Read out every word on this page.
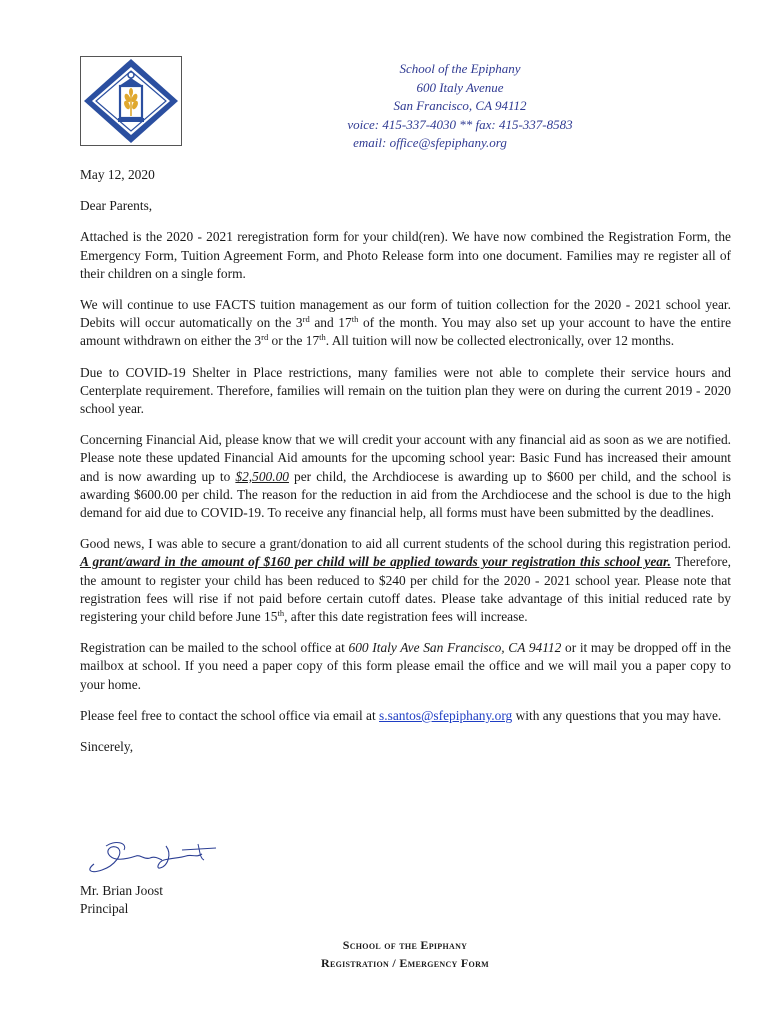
School of the Epiphany
600 Italy Avenue
San Francisco, CA 94112
voice: 415-337-4030 ** fax: 415-337-8583
email: office@sfepiphany.org

May 12, 2020

Dear Parents,

Attached is the 2020 - 2021 reregistration form for your child(ren). We have now combined the Registration Form, the Emergency Form, Tuition Agreement Form, and Photo Release form into one document. Families may re register all of their children on a single form.

We will continue to use FACTS tuition management as our form of tuition collection for the 2020 - 2021 school year. Debits will occur automatically on the 3rd and 17th of the month. You may also set up your account to have the entire amount withdrawn on either the 3rd or the 17th. All tuition will now be collected electronically, over 12 months.

Due to COVID-19 Shelter in Place restrictions, many families were not able to complete their service hours and Centerplate requirement. Therefore, families will remain on the tuition plan they were on during the current 2019 - 2020 school year.

Concerning Financial Aid, please know that we will credit your account with any financial aid as soon as we are notified. Please note these updated Financial Aid amounts for the upcoming school year: Basic Fund has increased their amount and is now awarding up to $2,500.00 per child, the Archdiocese is awarding up to $600 per child, and the school is awarding $600.00 per child. The reason for the reduction in aid from the Archdiocese and the school is due to the high demand for aid due to COVID-19. To receive any financial help, all forms must have been submitted by the deadlines.

Good news, I was able to secure a grant/donation to aid all current students of the school during this registration period. A grant/award in the amount of $160 per child will be applied towards your registration this school year. Therefore, the amount to register your child has been reduced to $240 per child for the 2020 - 2021 school year. Please note that registration fees will rise if not paid before certain cutoff dates. Please take advantage of this initial reduced rate by registering your child before June 15th, after this date registration fees will increase.

Registration can be mailed to the school office at 600 Italy Ave San Francisco, CA 94112 or it may be dropped off in the mailbox at school. If you need a paper copy of this form please email the office and we will mail you a paper copy to your home.

Please feel free to contact the school office via email at s.santos@sfepiphany.org with any questions that you may have.

Sincerely,

Mr. Brian Joost
Principal
School of the Epiphany
Registration / Emergency Form
